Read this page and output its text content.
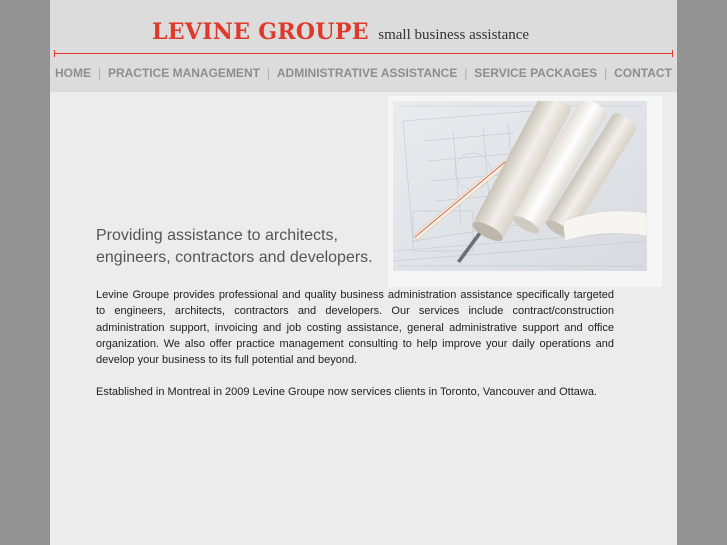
LEVINE GROUPE small business assistance
HOME | PRACTICE MANAGEMENT | ADMINISTRATIVE ASSISTANCE | SERVICE PACKAGES | CONTACT
Providing assistance to architects, engineers, contractors and developers.

Levine Groupe provides professional and quality business administration assistance specifically targeted to engineers, architects, contractors and developers. Our services include contract/construction administration support, invoicing and job costing assistance, general administrative support and office organization. We also offer practice management consulting to help improve your daily operations and develop your business to its full potential and beyond.

Established in Montreal in 2009 Levine Groupe now services clients in Toronto, Vancouver and Ottawa.
